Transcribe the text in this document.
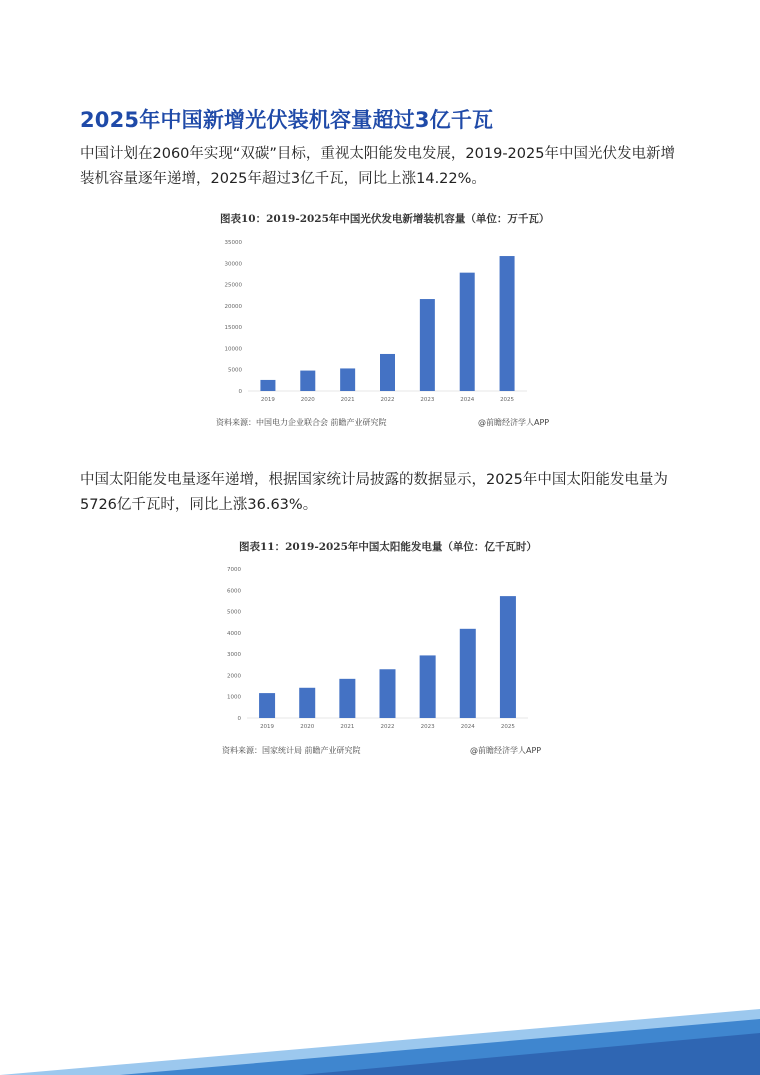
2025年中国新增光伏装机容量超过3亿千瓦
中国计划在2060年实现“双碳”目标，重视太阳能发电发展，2019-2025年中国光伏发电新增装机容量逐年递增，2025年超过3亿千瓦，同比上涨14.22%。
图表10：2019-2025年中国光伏发电新增装机容量（单位：万千瓦）
0
5000
10000
15000
20000
25000
30000
35000
2019	2020	2021	2022	2023	2024	2025
资料来源：中国电力企业联合会 前瞻产业研究院	@前瞻经济学人APP
中国太阳能发电量逐年递增，根据国家统计局披露的数据显示，2025年中国太阳能发电量为5726亿千瓦时，同比上涨36.63%。
图表11：2019-2025年中国太阳能发电量（单位：亿千瓦时）
0
1000
2000
3000
4000
5000
6000
7000
2019	2020	2021	2022	2023	2024	2025
资料来源：国家统计局 前瞻产业研究院	@前瞻经济学人APP
